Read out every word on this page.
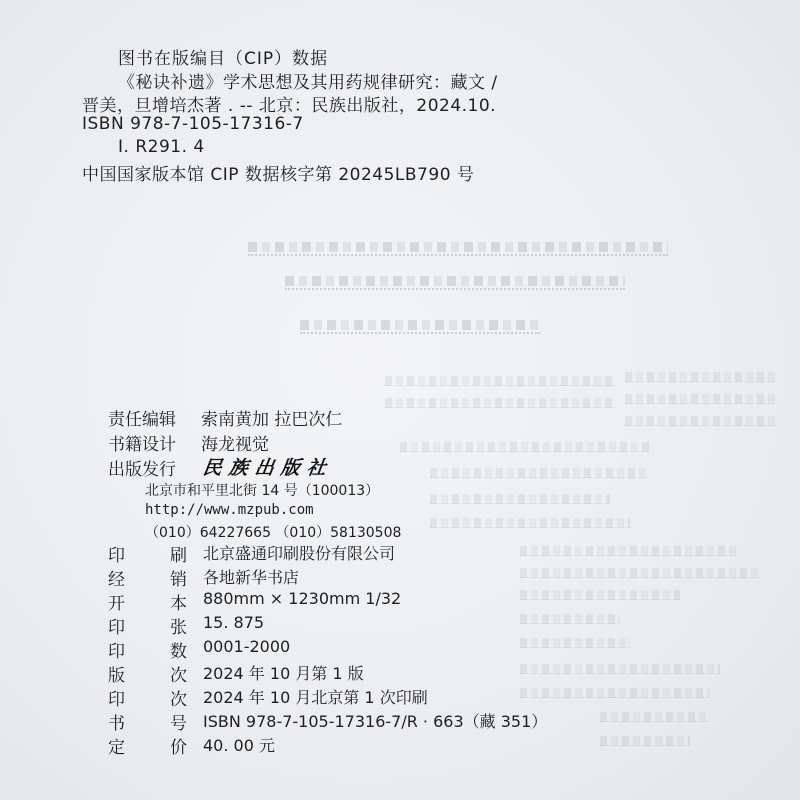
图书在版编目（CIP）数据
《秘诀补遗》学术思想及其用药规律研究：藏文 /
晋美，旦增培杰著 . -- 北京：民族出版社，2024.10.
ISBN 978-7-105-17316-7
Ⅰ. R291. 4
中国国家版本馆 CIP 数据核字第 20245LB790 号
责任编辑 索南黄加 拉巴次仁
书籍设计 海龙视觉
出版发行 民族出版社
北京市和平里北街 14 号（100013）
http://www.mzpub.com
（010）64227665 （010）58130508
印	刷 北京盛通印刷股份有限公司
经	销 各地新华书店
开	本 880mm × 1230mm 1/32
印	张 15. 875
印	数 0001-2000
版	次 2024 年 10 月第 1 版
印	次 2024 年 10 月北京第 1 次印刷
书	号 ISBN 978-7-105-17316-7/R · 663（藏 351）
定	价 40. 00 元
